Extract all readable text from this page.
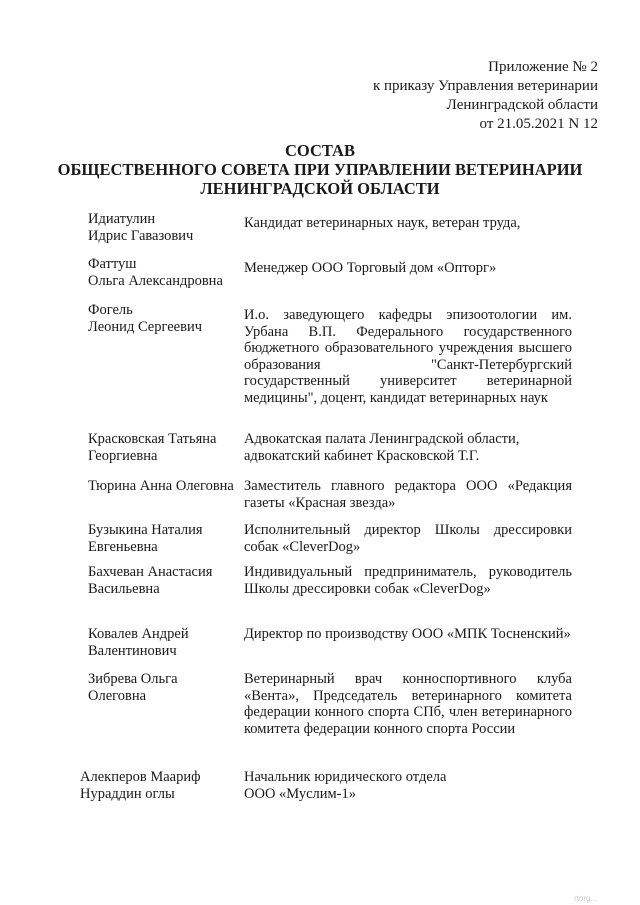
Приложение № 2
к приказу Управления ветеринарии
Ленинградской области
от 21.05.2021 N 12
СОСТАВ
ОБЩЕСТВЕННОГО СОВЕТА ПРИ УПРАВЛЕНИИ ВЕТЕРИНАРИИ
ЛЕНИНГРАДСКОЙ ОБЛАСТИ
Идиатулин
Идрис Гавазович
Кандидат ветеринарных наук, ветеран труда,
Фаттуш
Ольга Александровна
Менеджер ООО Торговый дом «Опторг»
Фогель
Леонид Сергеевич
И.о. заведующего кафедры эпизоотологии им. Урбана В.П. Федерального государственного бюджетного образовательного учреждения высшего образования "Санкт-Петербургский государственный университет ветеринарной медицины", доцент, кандидат ветеринарных наук
Красковская Татьяна
Георгиевна
Адвокатская палата Ленинградской области,
адвокатский кабинет Красковской Т.Г.
Тюрина Анна Олеговна Заместитель главного редактора ООО «Редакция газеты «Красная звезда»
Бузыкина Наталия
Евгеньевна
Исполнительный директор Школы дрессировки собак «CleverDog»
Бахчеван Анастасия
Васильевна
Индивидуальный предприниматель, руководитель Школы дрессировки собак «CleverDog»
Ковалев Андрей
Валентинович
Директор по производству ООО «МПК Тосненский»
Зибрева Ольга
Олеговна
Ветеринарный врач конноспортивного клуба «Вента», Председатель ветеринарного комитета федерации конного спорта СПб, член ветеринарного комитета федерации конного спорта России
Алекперов Маариф
Нураддин оглы
Начальник юридического отдела
ООО «Муслим-1»
rtorg...
